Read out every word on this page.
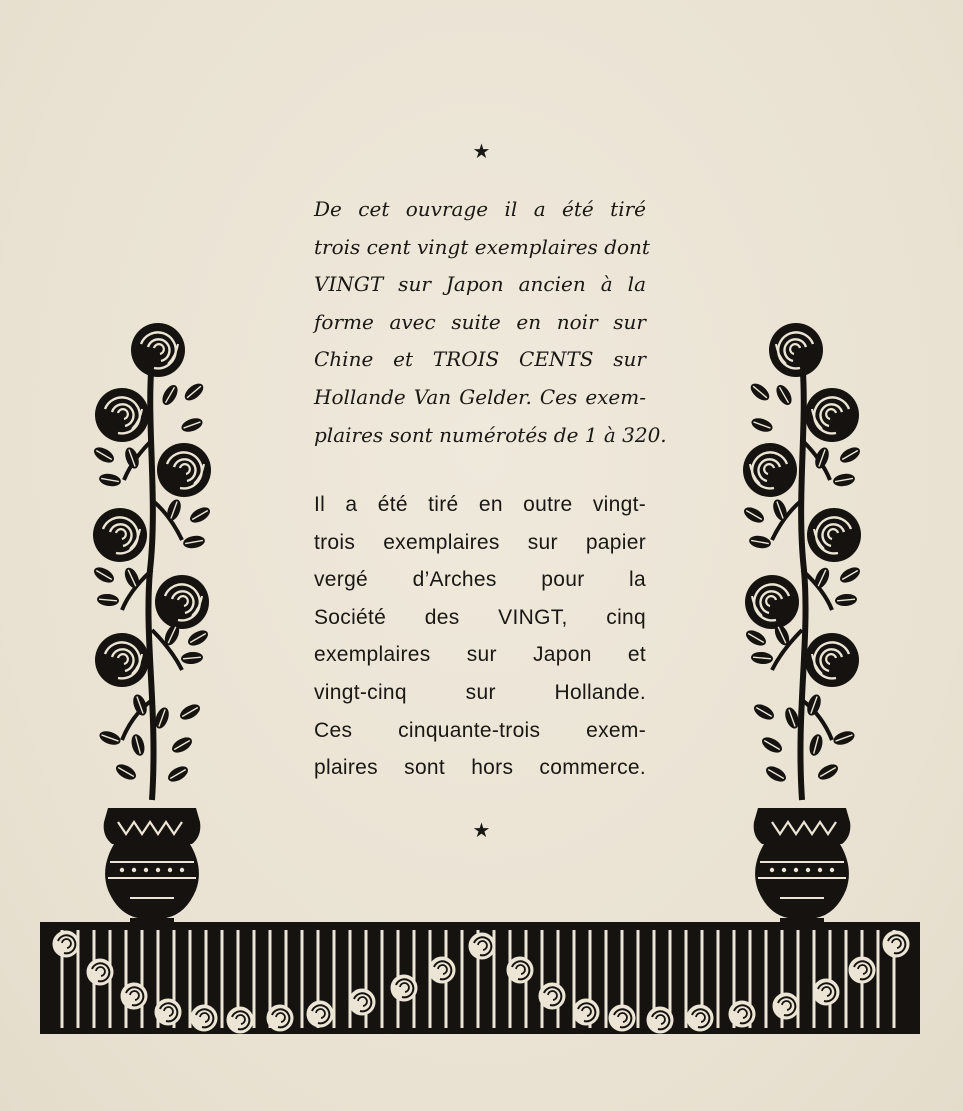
★
De cet ouvrage il a été tiré
trois cent vingt exemplaires dont
VINGT sur Japon ancien à la
forme avec suite en noir sur
Chine et TROIS CENTS sur
Hollande Van Gelder. Ces exem-
plaires sont numérotés de 1 à 320.
Il a été tiré en outre vingt-
trois exemplaires sur papier
vergé d’Arches pour la
Société des VINGT, cinq
exemplaires sur Japon et
vingt-cinq sur Hollande.
Ces cinquante-trois exem-
plaires sont hors commerce.
★
